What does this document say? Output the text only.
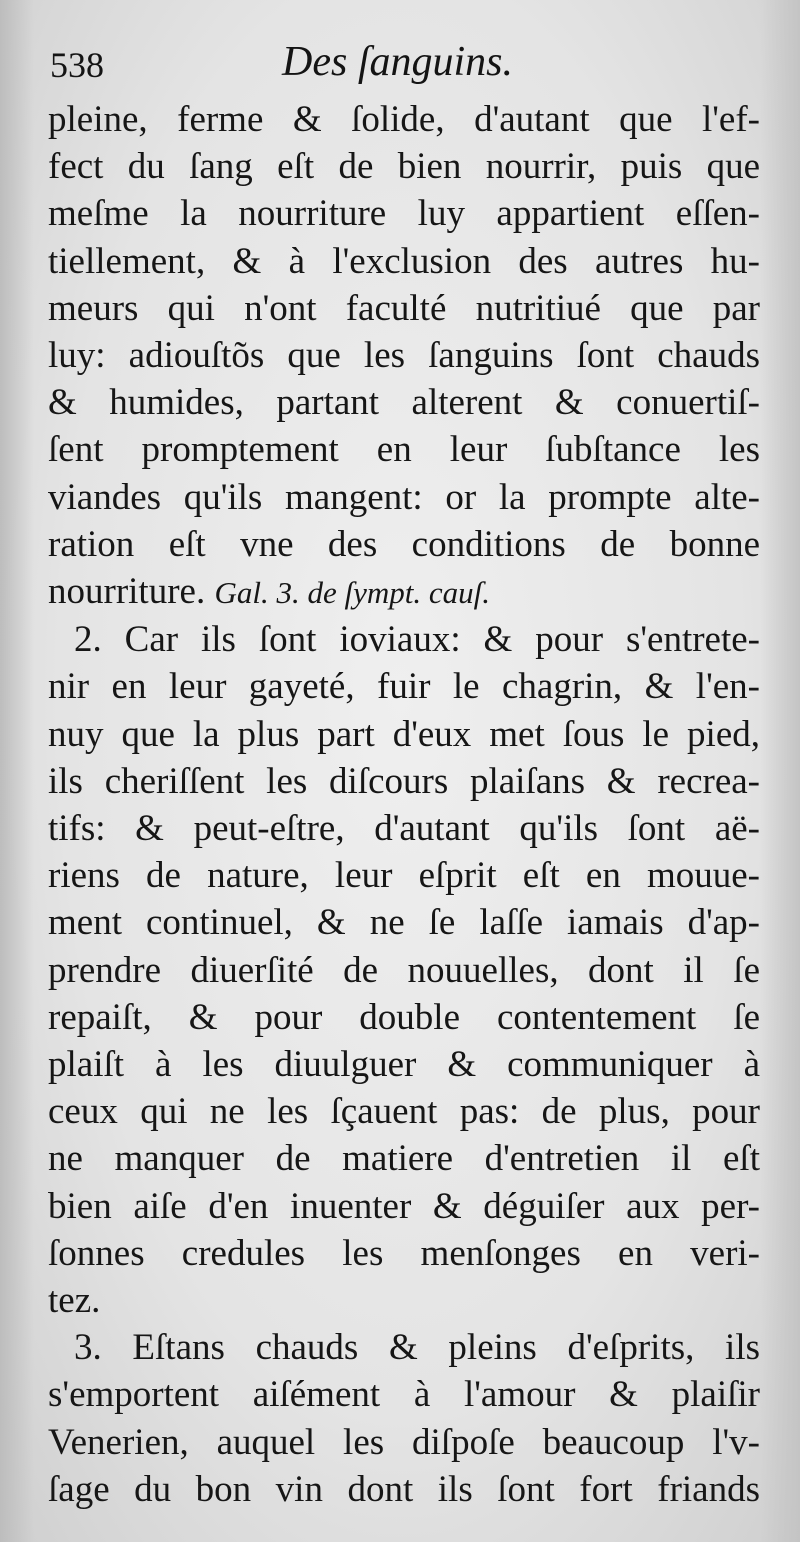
538	Des ſanguins.
pleine, ferme & ſolide, d'autant que l'ef-
fect du ſang eſt de bien nourrir, puis que
meſme la nourriture luy appartient eſſen-
tiellement, & à l'exclusion des autres hu-
meurs qui n'ont faculté nutritiué que par
luy: adiouſtõs que les ſanguins ſont chauds
& humides, partant alterent & conuertiſ-
ſent promptement en leur ſubſtance les
viandes qu'ils mangent: or la prompte alte-
ration eſt vne des conditions de bonne
nourriture. Gal. 3. de ſympt. cauſ.
2. Car ils ſont ioviaux: & pour s'entrete-
nir en leur gayeté, fuir le chagrin, & l'en-
nuy que la plus part d'eux met ſous le pied,
ils cheriſſent les diſcours plaiſans & recrea-
tifs: & peut-eſtre, d'autant qu'ils ſont aë-
riens de nature, leur eſprit eſt en mouue-
ment continuel, & ne ſe laſſe iamais d'ap-
prendre diuerſité de nouuelles, dont il ſe
repaiſt, & pour double contentement ſe
plaiſt à les diuulguer & communiquer à
ceux qui ne les ſçauent pas: de plus, pour
ne manquer de matiere d'entretien il eſt
bien aiſe d'en inuenter & déguiſer aux per-
ſonnes credules les menſonges en veri-
tez.
3. Eſtans chauds & pleins d'eſprits, ils
s'emportent aiſément à l'amour & plaiſir
Venerien, auquel les diſpoſe beaucoup l'v-
ſage du bon vin dont ils ſont fort friands
